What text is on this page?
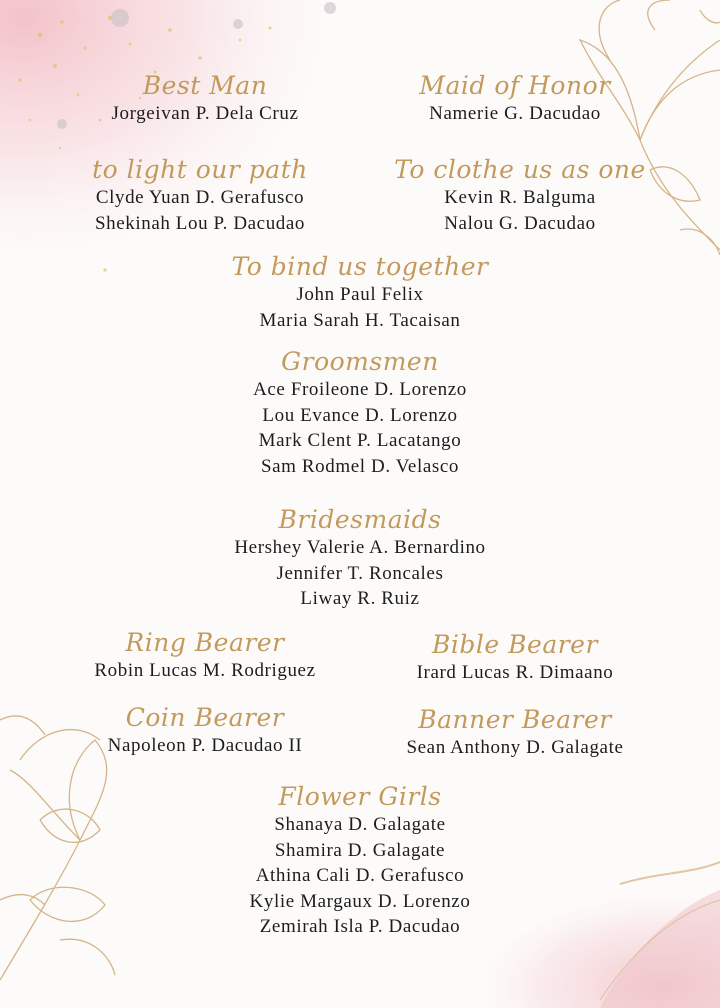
Best Man
Jorgeivan P. Dela Cruz
Maid of Honor
Namerie G. Dacudao
to light our path
Clyde Yuan D. Gerafusco
Shekinah Lou P. Dacudao
To clothe us as one
Kevin R. Balguma
Nalou G. Dacudao
To bind us together
John Paul Felix
Maria Sarah H. Tacaisan
Groomsmen
Ace Froileone D. Lorenzo
Lou Evance D. Lorenzo
Mark Clent P. Lacatango
Sam Rodmel D. Velasco
Bridesmaids
Hershey Valerie A. Bernardino
Jennifer T. Roncales
Liway R. Ruiz
Ring Bearer
Robin Lucas M. Rodriguez
Bible Bearer
Irard Lucas R. Dimaano
Coin Bearer
Napoleon P. Dacudao II
Banner Bearer
Sean Anthony D. Galagate
Flower Girls
Shanaya D. Galagate
Shamira D. Galagate
Athina Cali D. Gerafusco
Kylie Margaux D. Lorenzo
Zemirah Isla P. Dacudao
